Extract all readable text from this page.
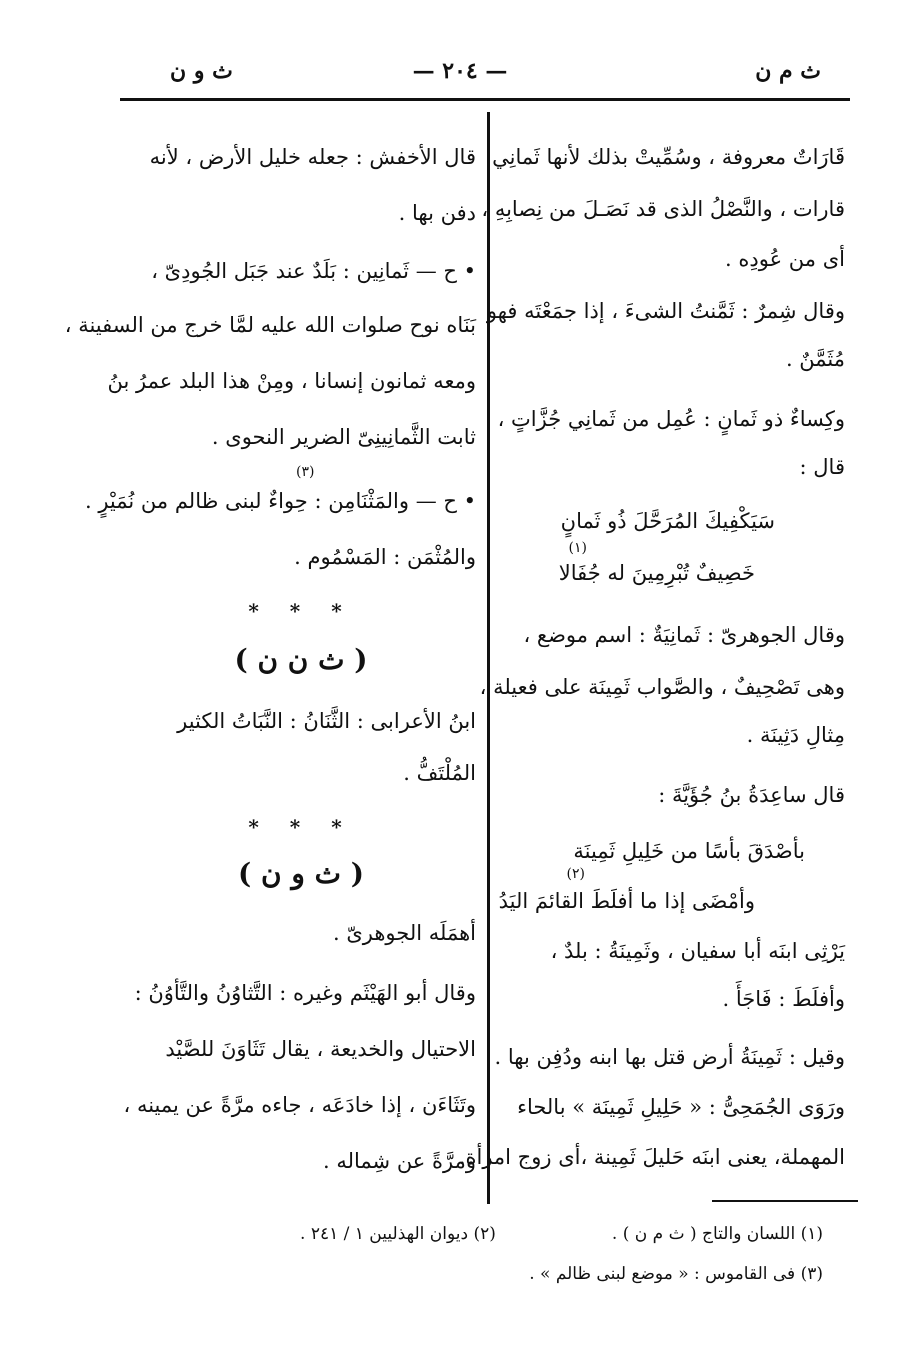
ث م ن
— ٢٠٤ —
ث و ن
قَارَاتٌ معروفة ، وسُمِّيتْ بذلك لأنها ثَمانِي
قارات ، والنَّصْلُ الذى قد نَصَـلَ من نِصابِهِ ،
أى من عُودِه .
وقال شِمرٌ : ثَمَّنتُ الشىءَ ، إذا جمَعْتَه فهو
مُثَمَّنٌ .
وكِساءٌ ذو ثَمانٍ : عُمِل من ثَمانِي جُزَّاتٍ ،
قال :
سَيَكْفِيكَ المُرَحَّلَ ذُو ثَمانٍ
خَصِيفٌ تُبْرِمِينَ له جُفَالا
وقال الجوهرىّ : ثَمانِيَةٌ : اسم موضع ،
وهى تَصْحِيفٌ ، والصَّواب ثَمِينَة على فعيلة ،
مِثالِ دَثِينَة .
قال ساعِدَةُ بنُ جُؤَيَّةَ :
بأصْدَقَ بأسًا من خَلِيلِ ثَمِينَة
وأمْضَى إذا ما أفلَطَ القائمَ اليَدُ
يَرْثِى ابنَه أبا سفيان ، وثَمِينَةُ : بلدٌ ،
وأفلَطَ : فَاجَأَ .
وقيل : ثَمِينَةُ أرض قتل بها ابنه ودُفِن بها .
ورَوَى الجُمَحِىُّ : « حَلِيلِ ثَمِينَة » بالحاء
المهملة، يعنى ابنَه حَليلَ ثَمِينة ،أى زوج امرأة.
قال الأخفش : جعله خليل الأرض ، لأنه
دفن بها .
• ح — ثَمانِين : بَلَدٌ عند جَبَل الجُودِىّ ،
بَنَاه نوح صلوات الله عليه لمَّا خرج من السفينة ،
ومعه ثمانون إنسانا ، ومِنْ هذا البلد عمرُ بنُ
ثابت الثَّمانِينِىّ الضرير النحوى .
• ح — والمَثْنَامِن : حِواءٌ لبنى ظالم من نُمَيْرٍ .
والمُثْمَن : المَسْمُوم .
* * *
( ث ن ن )
ابنُ الأعرابى : الثَّنَانُ : النَّبَاتُ الكثير
المُلْتَفُّ .
* * *
( ث و ن )
أهمَلَه الجوهرىّ .
وقال أبو الهَيْثَم وغيره : التَّثاوُنُ والتَّأوُنُ :
الاحتيال والخديعة ، يقال تَثَاوَنَ للصَّيْد
وتَثَاءَن ، إذا خادَعَه ، جاءه مرَّةً عن يمينه ،
ومرَّةً عن شِماله .
(١)
(٢)
(٣)
(١) اللسان والتاج ( ث م ن ) .
(٣) فى القاموس : « موضع لبنى ظالم » .
(٢) ديوان الهذليين ١ / ٢٤١ .
